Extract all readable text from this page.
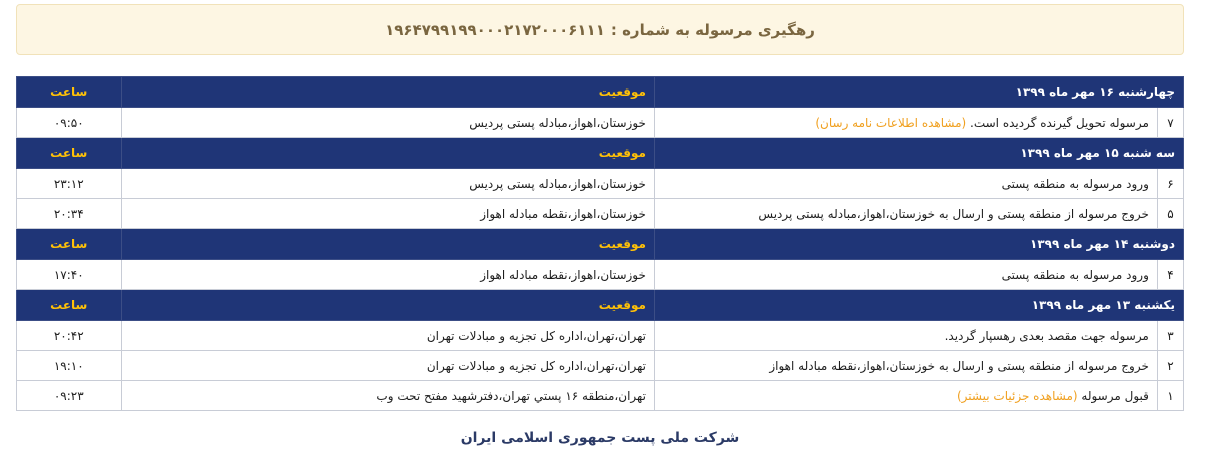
رهگیری مرسوله به شماره :
۱۹۶۴۷۹۹۱۹۹۰۰۰۲۱۷۲۰۰۰۶۱۱۱
چهارشنبه ۱۶ مهر ماه ۱۳۹۹		موقعیت	ساعت
۷	مرسوله تحویل گیرنده گردیده است. (مشاهده اطلاعات نامه رسان)	خوزستان،اهواز،مبادله پستی پردیس	۰۹:۵۰
سه شنبه ۱۵ مهر ماه ۱۳۹۹		موقعیت	ساعت
۶	ورود مرسوله به منطقه پستی	خوزستان،اهواز،مبادله پستی پردیس	۲۳:۱۲
۵	خروج مرسوله از منطقه پستی و ارسال به خوزستان،اهواز،مبادله پستی پردیس	خوزستان،اهواز،نقطه مبادله اهواز	۲۰:۳۴
دوشنبه ۱۴ مهر ماه ۱۳۹۹		موقعیت	ساعت
۴	ورود مرسوله به منطقه پستی	خوزستان،اهواز،نقطه مبادله اهواز	۱۷:۴۰
یکشنبه ۱۳ مهر ماه ۱۳۹۹		موقعیت	ساعت
۳	مرسوله جهت مقصد بعدی رهسپار گردید.	تهران،تهران،اداره کل تجزیه و مبادلات تهران	۲۰:۴۲
۲	خروج مرسوله از منطقه پستی و ارسال به خوزستان،اهواز،نقطه مبادله اهواز	تهران،تهران،اداره کل تجزیه و مبادلات تهران	۱۹:۱۰
۱	قبول مرسوله (مشاهده جزئیات بیشتر)	تهران،منطقه ۱۶ پستي تهران،دفترشهيد مفتح تحت وب	۰۹:۲۳
شرکت ملی پست جمهوری اسلامی ایران
